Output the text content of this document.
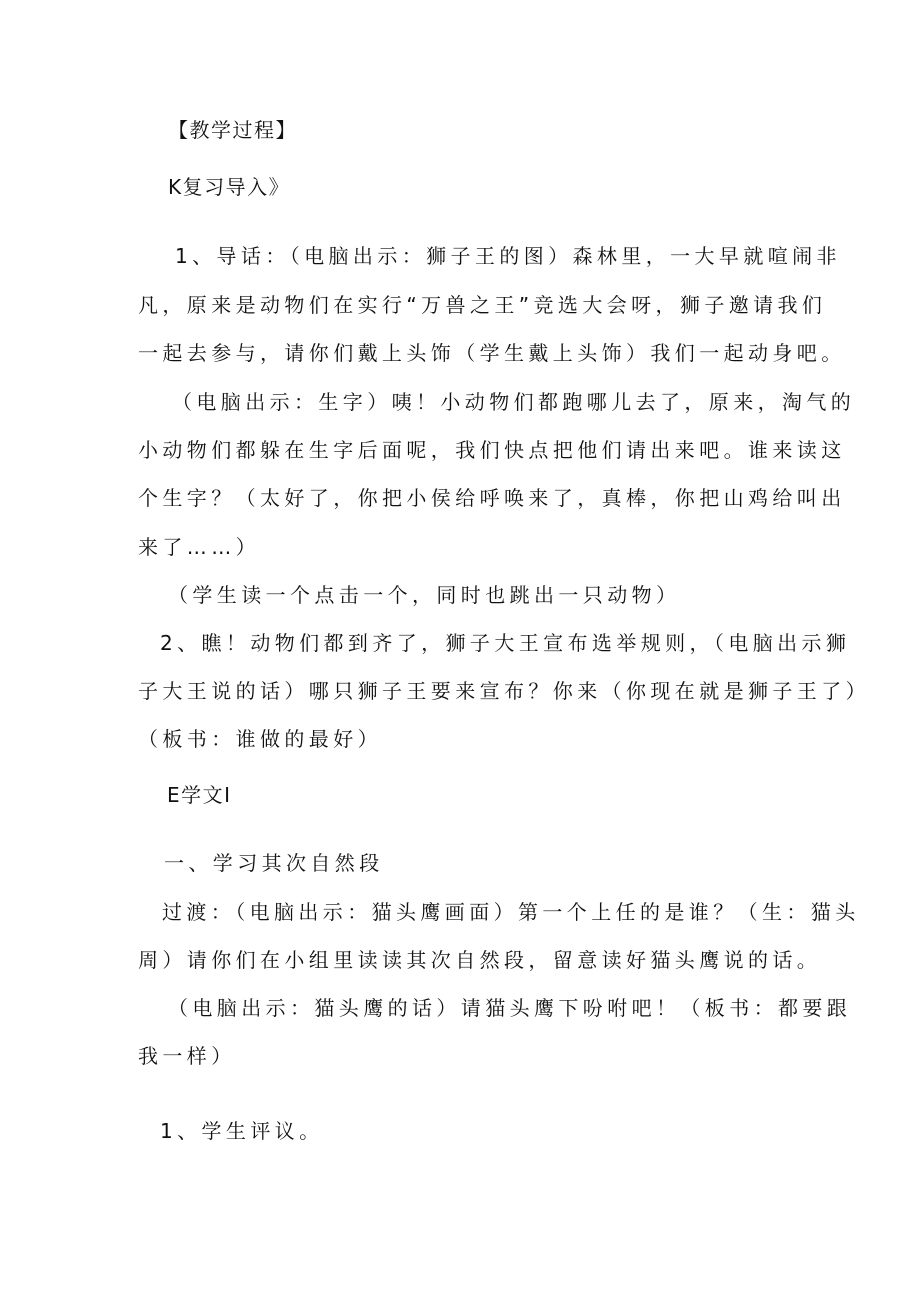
【教学过程】
K复习导入》
1、导话：（电脑出示：狮子王的图）森林里，一大早就喧闹非
凡，原来是动物们在实行“万兽之王”竞选大会呀，狮子邀请我们
一起去参与，请你们戴上头饰（学生戴上头饰）我们一起动身吧。
（电脑出示：生字）咦！小动物们都跑哪儿去了，原来，淘气的
小动物们都躲在生字后面呢，我们快点把他们请出来吧。谁来读这
个生字？（太好了，你把小侯给呼唤来了，真棒，你把山鸡给叫出
来了……）
（学生读一个点击一个，同时也跳出一只动物）
2、瞧！动物们都到齐了，狮子大王宣布选举规则，（电脑出示狮
子大王说的话）哪只狮子王要来宣布？你来（你现在就是狮子王了）
（板书：谁做的最好）
E学文I
一、学习其次自然段
过渡：（电脑出示：猫头鹰画面）第一个上任的是谁？（生：猫头
周）请你们在小组里读读其次自然段，留意读好猫头鹰说的话。
（电脑出示：猫头鹰的话）请猫头鹰下吩咐吧！（板书：都要跟
我一样）
1、学生评议。
